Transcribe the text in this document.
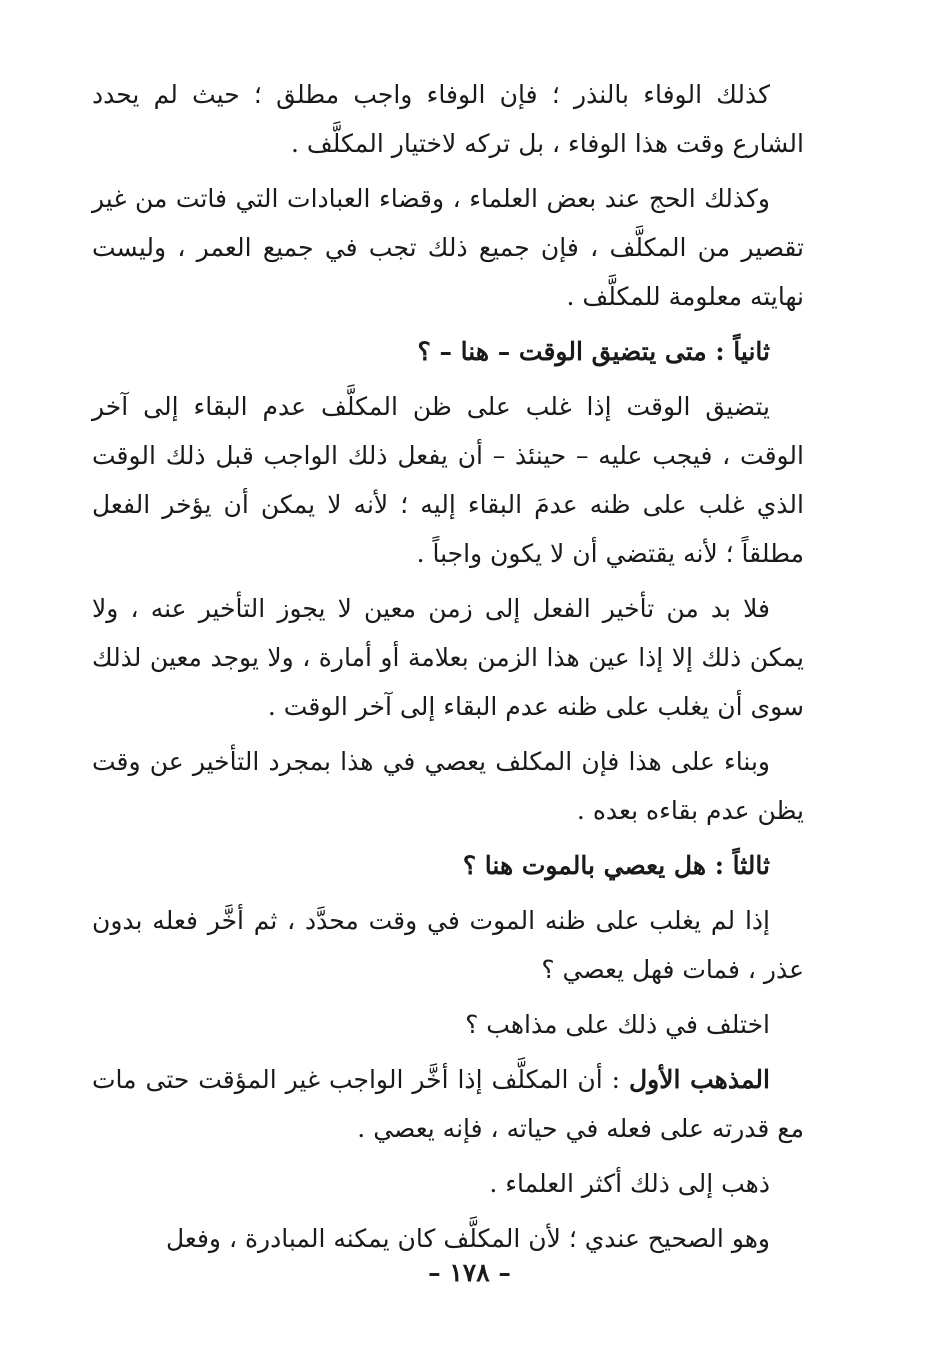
كذلك الوفاء بالنذر ؛ فإن الوفاء واجب مطلق ؛ حيث لم يحدد الشارع وقت هذا الوفاء ، بل تركه لاختيار المكلَّف .

وكذلك الحج عند بعض العلماء ، وقضاء العبادات التي فاتت من غير تقصير من المكلَّف ، فإن جميع ذلك تجب في جميع العمر ، وليست نهايته معلومة للمكلَّف .

ثانياً : متى يتضيق الوقت – هنا – ؟

يتضيق الوقت إذا غلب على ظن المكلَّف عدم البقاء إلى آخر الوقت ، فيجب عليه – حينئذ – أن يفعل ذلك الواجب قبل ذلك الوقت الذي غلب على ظنه عدمَ البقاء إليه ؛ لأنه لا يمكن أن يؤخر الفعل مطلقاً ؛ لأنه يقتضي أن لا يكون واجباً .

فلا بد من تأخير الفعل إلى زمن معين لا يجوز التأخير عنه ، ولا يمكن ذلك إلا إذا عين هذا الزمن بعلامة أو أمارة ، ولا يوجد معين لذلك سوى أن يغلب على ظنه عدم البقاء إلى آخر الوقت .

وبناء على هذا فإن المكلف يعصي في هذا بمجرد التأخير عن وقت يظن عدم بقاءه بعده .

ثالثاً : هل يعصي بالموت هنا ؟

إذا لم يغلب على ظنه الموت في وقت محدَّد ، ثم أخَّر فعله بدون عذر ، فمات فهل يعصي ؟

اختلف في ذلك على مذاهب ؟

المذهب الأول : أن المكلَّف إذا أخَّر الواجب غير المؤقت حتى مات مع قدرته على فعله في حياته ، فإنه يعصي .

ذهب إلى ذلك أكثر العلماء .

وهو الصحيح عندي ؛ لأن المكلَّف كان يمكنه المبادرة ، وفعل

– ١٧٨ –
